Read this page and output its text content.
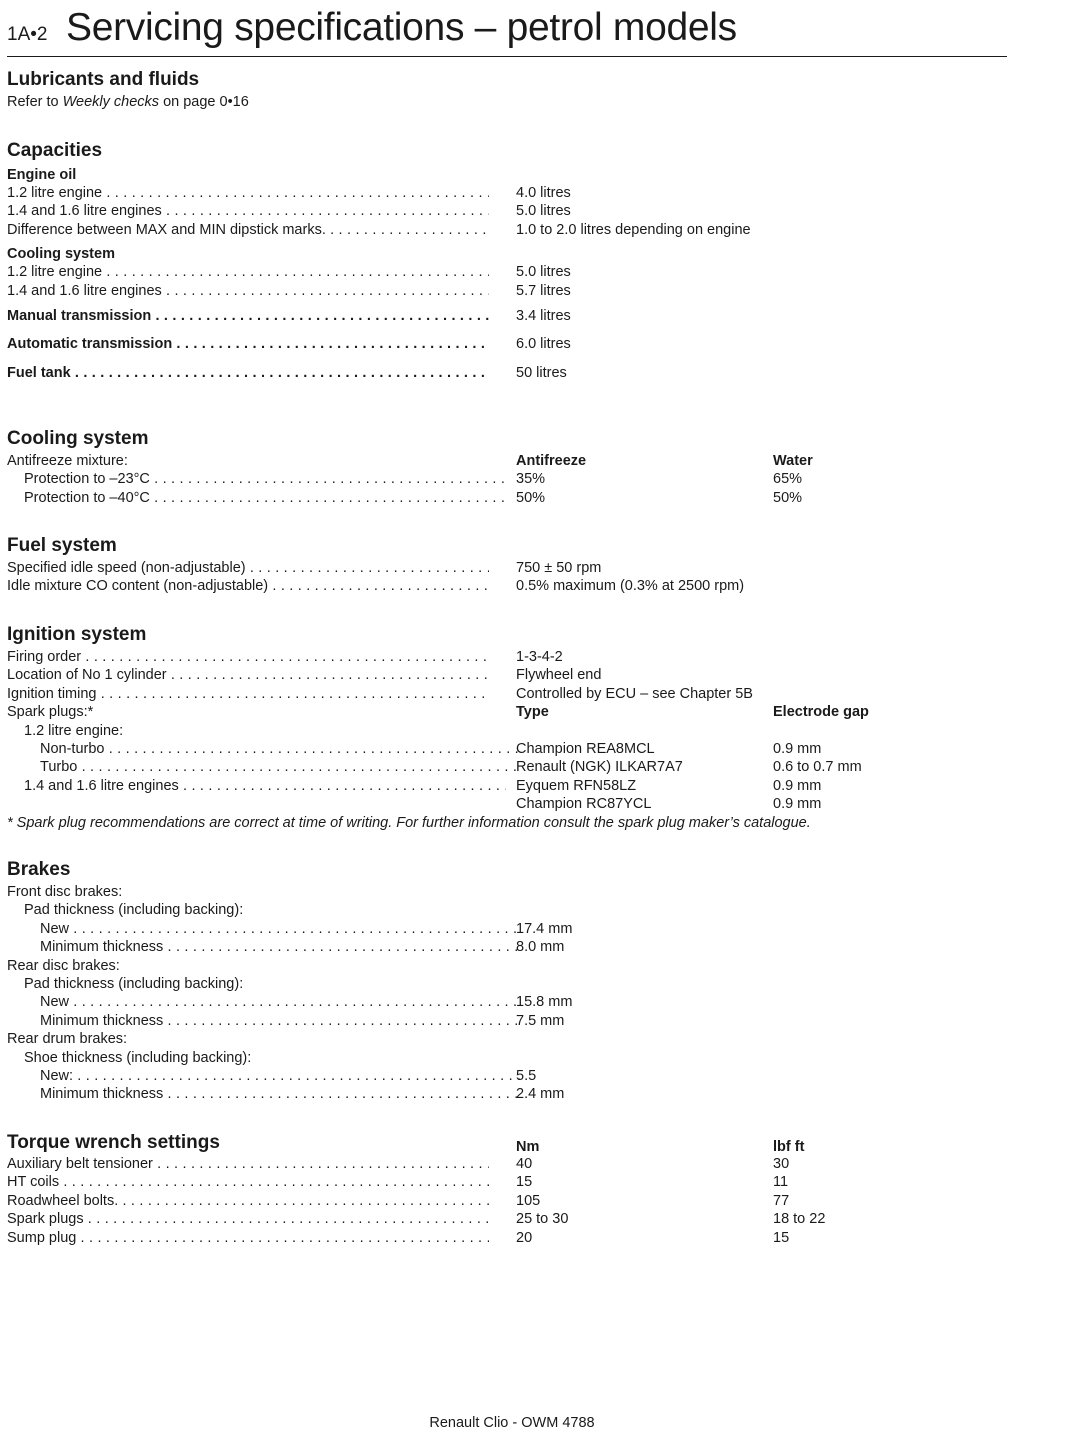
1A•2 Servicing specifications – petrol models
Lubricants and fluids
Refer to Weekly checks on page 0•16
Capacities
Engine oil
1.2 litre engine . . .	4.0 litres
1.4 and 1.6 litre engines . . .	5.0 litres
Difference between MAX and MIN dipstick marks. . . .	1.0 to 2.0 litres depending on engine
Cooling system
1.2 litre engine . . .	5.0 litres
1.4 and 1.6 litre engines . . .	5.7 litres
Manual transmission . . .	3.4 litres
Automatic transmission . . .	6.0 litres
Fuel tank . . .	50 litres
Cooling system
Antifreeze mixture:	Antifreeze	Water
Protection to –23°C . . .	35%	65%
Protection to –40°C . . .	50%	50%
Fuel system
Specified idle speed (non-adjustable) . . .	750 ± 50 rpm
Idle mixture CO content (non-adjustable) . . .	0.5% maximum (0.3% at 2500 rpm)
Ignition system
Firing order . . .	1-3-4-2
Location of No 1 cylinder . . .	Flywheel end
Ignition timing . . .	Controlled by ECU – see Chapter 5B
Spark plugs:*	Type	Electrode gap
1.2 litre engine:
Non-turbo . . .	Champion REA8MCL	0.9 mm
Turbo . . .	Renault (NGK) ILKAR7A7	0.6 to 0.7 mm
1.4 and 1.6 litre engines . . .	Eyquem RFN58LZ	0.9 mm
Champion RC87YCL	0.9 mm
* Spark plug recommendations are correct at time of writing. For further information consult the spark plug maker’s catalogue.
Brakes
Front disc brakes:
Pad thickness (including backing):
New . . .	17.4 mm
Minimum thickness . . .	8.0 mm
Rear disc brakes:
Pad thickness (including backing):
New . . .	15.8 mm
Minimum thickness . . .	7.5 mm
Rear drum brakes:
Shoe thickness (including backing):
New: . . .	5.5
Minimum thickness . . .	2.4 mm
Torque wrench settings	Nm	lbf ft
Auxiliary belt tensioner . . .	40	30
HT coils . . .	15	11
Roadwheel bolts. . . .	105	77
Spark plugs . . .	25 to 30	18 to 22
Sump plug . . .	20	15
Renault Clio - OWM 4788
